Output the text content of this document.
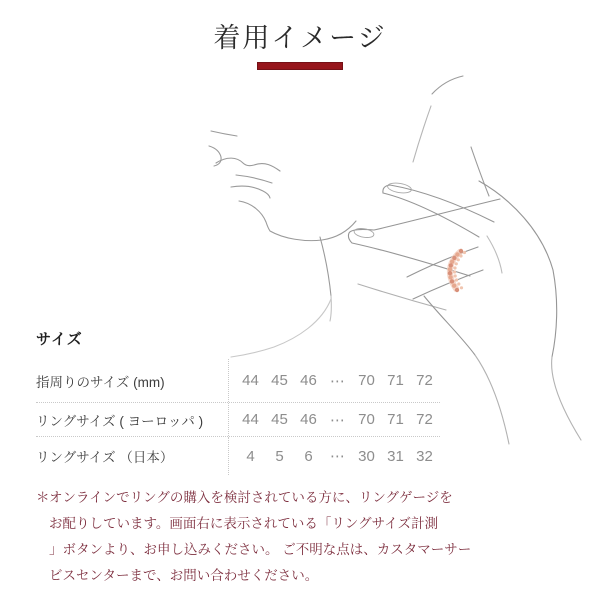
着用イメージ
サイズ
指周りのサイズ (mm)	44 45 46 ⋯ 70 71 72
リングサイズ ( ヨーロッパ )	44 45 46 ⋯ 70 71 72
リングサイズ （日本）	4	5	6	⋯ 30 31 32
＊ オンラインでリングの購入を検討されている方に、リングゲージを
お配りしています。画面右に表示されている「リングサイズ計測
」ボタンより、お申し込みください。 ご不明な点は、カスタマーサー
ビスセンターまで、お問い合わせください。
